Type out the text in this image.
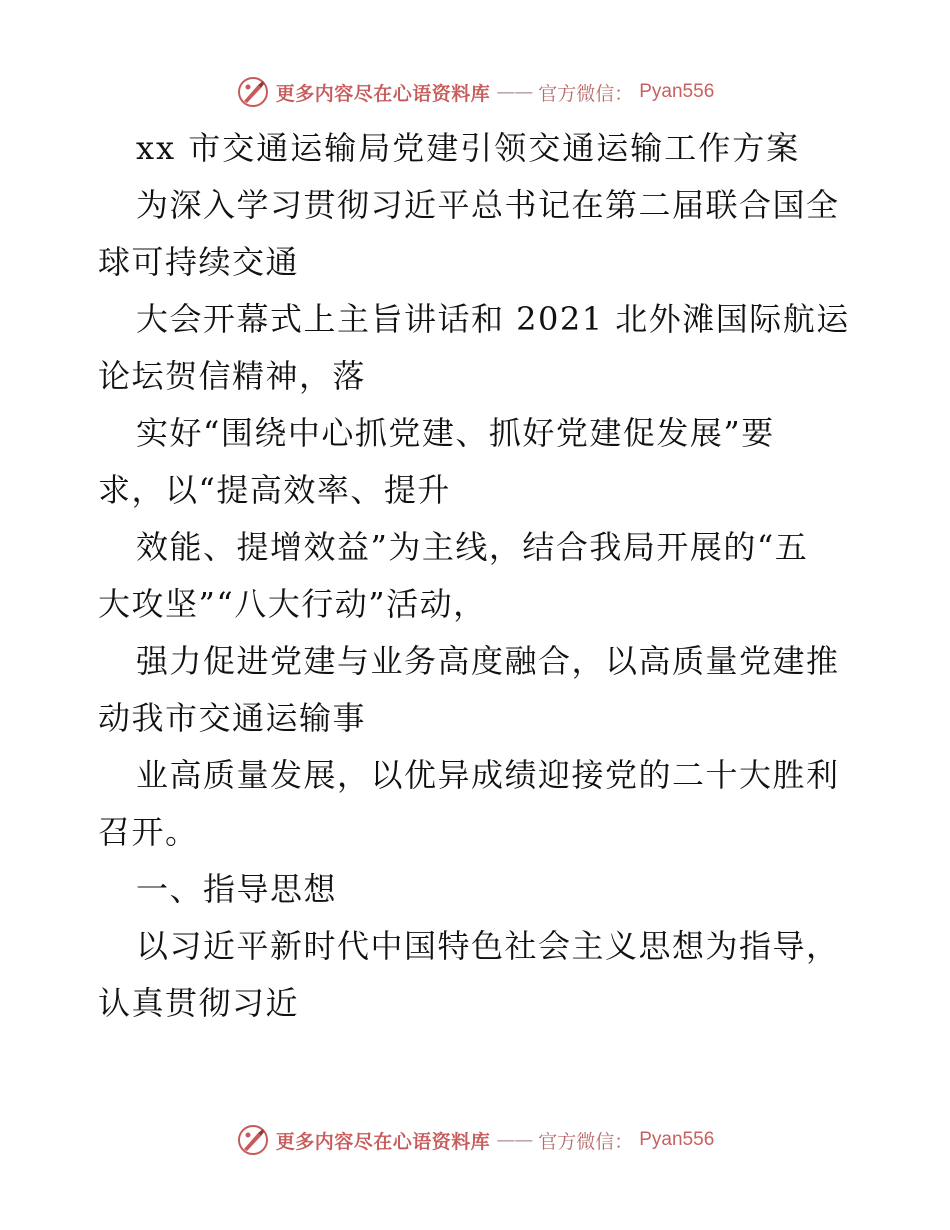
更多内容尽在心语资料库 —— 官方微信： Pyan556
xx 市交通运输局党建引领交通运输工作方案
为深入学习贯彻习近平总书记在第二届联合国全
球可持续交通
大会开幕式上主旨讲话和 2021 北外滩国际航运
论坛贺信精神，落
实好“围绕中心抓党建、抓好党建促发展”要
求，以“提高效率、提升
效能、提增效益”为主线，结合我局开展的“五
大攻坚”“八大行动”活动，
强力促进党建与业务高度融合，以高质量党建推
动我市交通运输事
业高质量发展，以优异成绩迎接党的二十大胜利
召开。
一、指导思想
以习近平新时代中国特色社会主义思想为指导，
认真贯彻习近
更多内容尽在心语资料库 —— 官方微信： Pyan556
